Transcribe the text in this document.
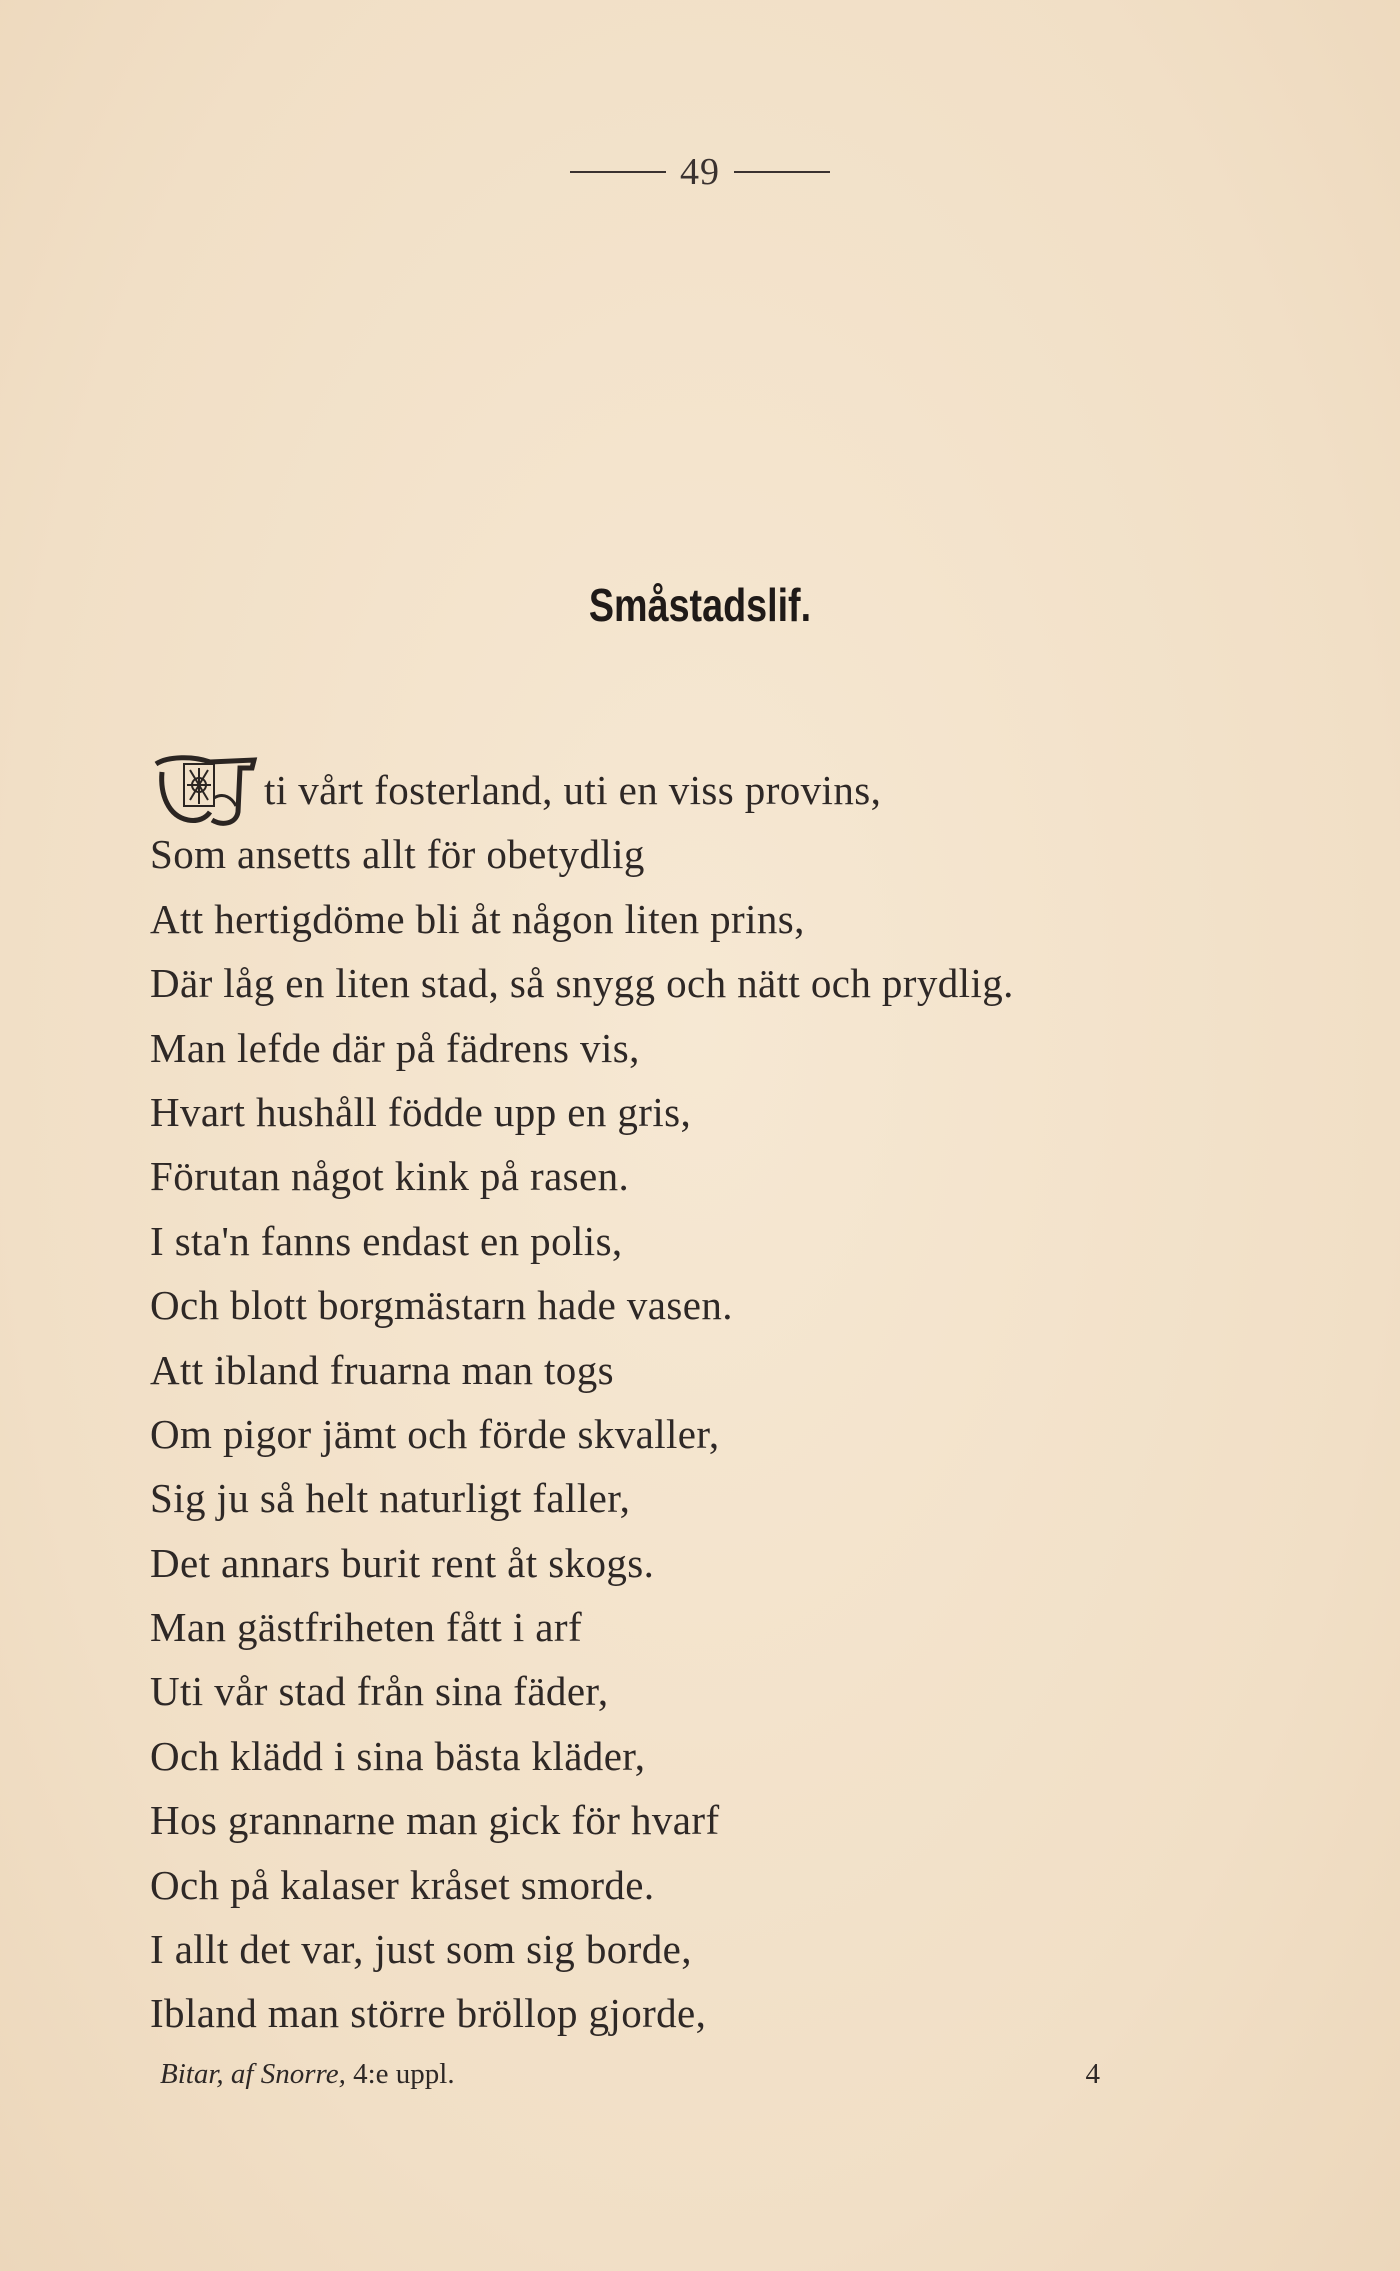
49
Småstadslif.
ti vårt fosterland, uti en viss provins,
Som ansetts allt för obetydlig
Att hertigdöme bli åt någon liten prins,
Där låg en liten stad, så snygg och nätt och prydlig.
Man lefde där på fädrens vis,
Hvart hushåll födde upp en gris,
Förutan något kink på rasen.
I sta'n fanns endast en polis,
Och blott borgmästarn hade vasen.
Att ibland fruarna man togs
Om pigor jämt och förde skvaller,
Sig ju så helt naturligt faller,
Det annars burit rent åt skogs.
Man gästfriheten fått i arf
Uti vår stad från sina fäder,
Och klädd i sina bästa kläder,
Hos grannarne man gick för hvarf
Och på kalaser kråset smorde.
I allt det var, just som sig borde,
Ibland man större bröllop gjorde,
Bitar, af Snorre, 4:e uppl.	4
